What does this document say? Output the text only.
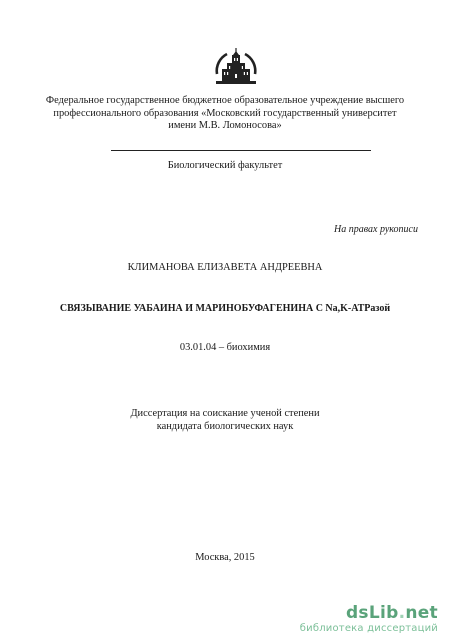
Федеральное государственное бюджетное образовательное учреждение высшего
профессионального образования «Московский государственный университет
имени М.В. Ломоносова»
Биологический факультет
На правах рукописи
КЛИМАНОВА ЕЛИЗАВЕТА АНДРЕЕВНА
СВЯЗЫВАНИЕ УАБАИНА И МАРИНОБУФАГЕНИНА С Na,K-АТРазой
03.01.04 – биохимия
Диссертация на соискание ученой степени
кандидата биологических наук
Москва, 2015
dsLib.net
библиотека диссертаций
